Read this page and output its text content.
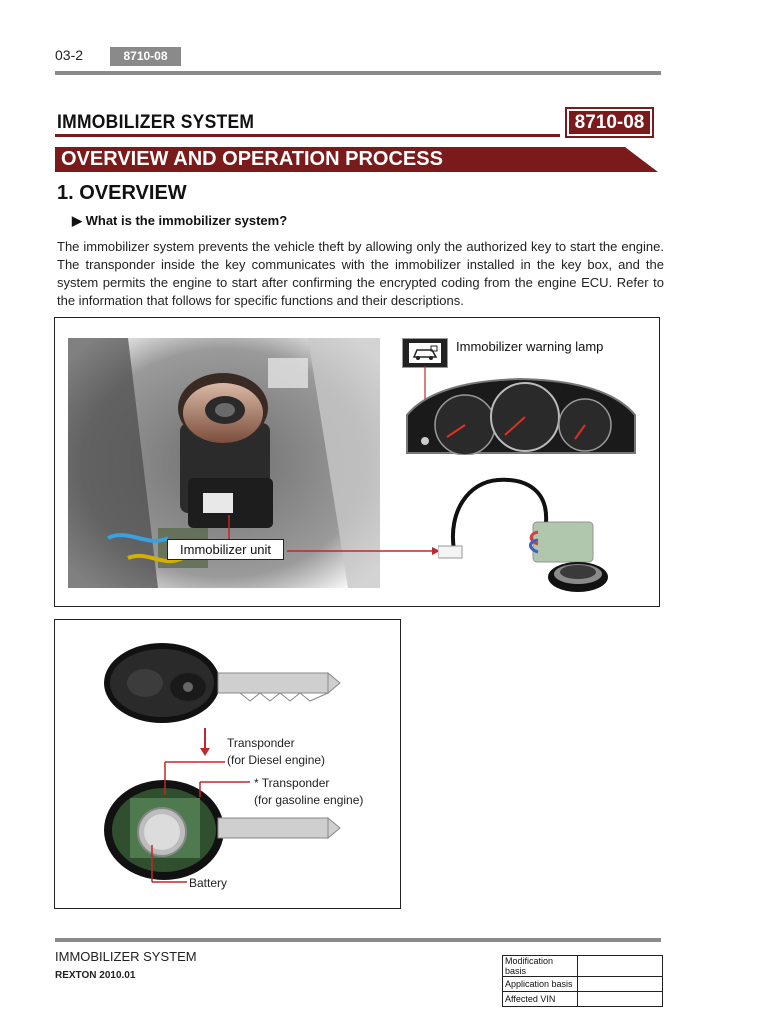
03-2	8710-08
IMMOBILIZER SYSTEM	8710-08
OVERVIEW AND OPERATION PROCESS
1. OVERVIEW
▶ What is the immobilizer system?
The immobilizer system prevents the vehicle theft by allowing only the authorized key to start the engine. The transponder inside the key communicates with the immobilizer installed in the key box, and the system permits the engine to start after confirming the encrypted coding from the engine ECU. Refer to the information that follows for specific functions and their descriptions.
Immobilizer unit
Immobilizer warning lamp
Transponder
(for Diesel engine)
* Transponder
(for gasoline engine)
Battery
IMMOBILIZER SYSTEM
REXTON 2010.01
Modification basis	
Application basis	
Affected VIN	
